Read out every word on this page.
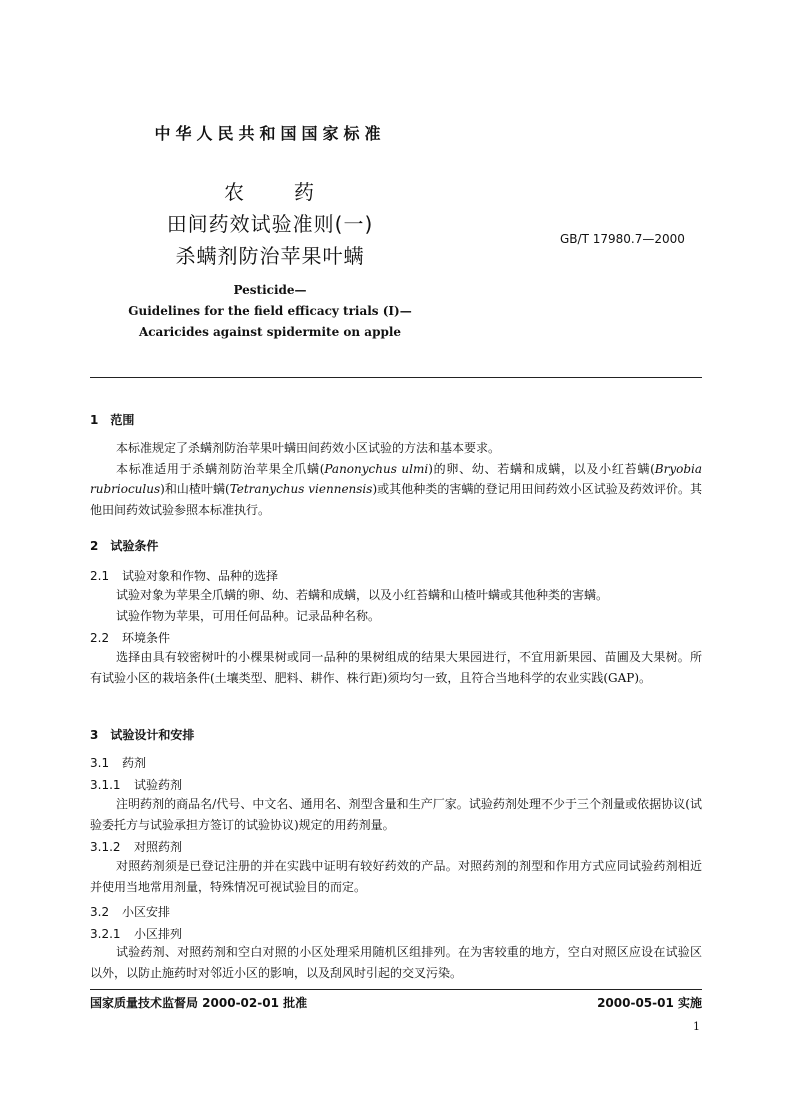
中华人民共和国国家标准
农 药
田间药效试验准则(一)
杀螨剂防治苹果叶螨
GB/T 17980.7—2000
Pesticide—
Guidelines for the field efficacy trials (Ⅰ)—
Acaricides against spidermite on apple
1　范围

本标准规定了杀螨剂防治苹果叶螨田间药效小区试验的方法和基本要求。

本标准适用于杀螨剂防治苹果全爪螨(Panonychus ulmi)的卵、幼、若螨和成螨，以及小红苔螨(Bryobia rubrioculus)和山楂叶螨(Tetranychus viennensis)或其他种类的害螨的登记用田间药效小区试验及药效评价。其他田间药效试验参照本标准执行。

2　试验条件
2.1 试验对象和作物、品种的选择

试验对象为苹果全爪螨的卵、幼、若螨和成螨，以及小红苔螨和山楂叶螨或其他种类的害螨。

试验作物为苹果，可用任何品种。记录品种名称。

2.2 环境条件

选择由具有较密树叶的小棵果树或同一品种的果树组成的结果大果园进行，不宜用新果园、苗圃及大果树。所有试验小区的栽培条件(土壤类型、肥料、耕作、株行距)须均匀一致，且符合当地科学的农业实践(GAP)。

3　试验设计和安排
3.1 药剂
3.1.1 试验药剂

注明药剂的商品名/代号、中文名、通用名、剂型含量和生产厂家。试验药剂处理不少于三个剂量或依据协议(试验委托方与试验承担方签订的试验协议)规定的用药剂量。

3.1.2 对照药剂

对照药剂须是已登记注册的并在实践中证明有较好药效的产品。对照药剂的剂型和作用方式应同试验药剂相近并使用当地常用剂量，特殊情况可视试验目的而定。

3.2 小区安排
3.2.1 小区排列

试验药剂、对照药剂和空白对照的小区处理采用随机区组排列。在为害较重的地方，空白对照区应设在试验区以外，以防止施药时对邻近小区的影响，以及刮风时引起的交叉污染。

国家质量技术监督局 2000-02-01 批准	2000-05-01 实施
1
